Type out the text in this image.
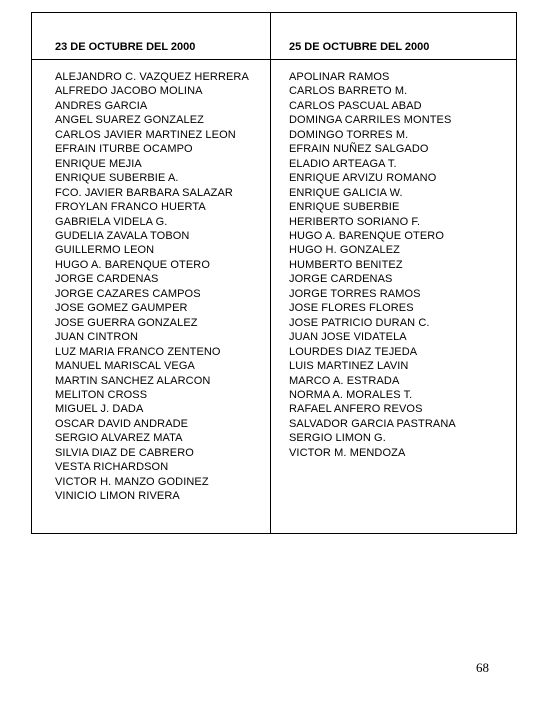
23 DE OCTUBRE DEL 2000
ALEJANDRO C. VAZQUEZ HERRERA
ALFREDO JACOBO MOLINA
ANDRES GARCIA
ANGEL SUAREZ GONZALEZ
CARLOS JAVIER MARTINEZ LEON
EFRAIN ITURBE OCAMPO
ENRIQUE MEJIA
ENRIQUE SUBERBIE A.
FCO. JAVIER BARBARA SALAZAR
FROYLAN FRANCO HUERTA
GABRIELA VIDELA G.
GUDELIA ZAVALA TOBON
GUILLERMO LEON
HUGO A. BARENQUE OTERO
JORGE CARDENAS
JORGE CAZARES CAMPOS
JOSE GOMEZ GAUMPER
JOSE GUERRA GONZALEZ
JUAN CINTRON
LUZ MARIA FRANCO ZENTENO
MANUEL MARISCAL VEGA
MARTIN SANCHEZ ALARCON
MELITON CROSS
MIGUEL J. DADA
OSCAR DAVID ANDRADE
SERGIO ALVAREZ MATA
SILVIA DIAZ DE CABRERO
VESTA RICHARDSON
VICTOR H. MANZO GODINEZ
VINICIO LIMON RIVERA
25 DE OCTUBRE DEL 2000
APOLINAR RAMOS
CARLOS BARRETO M.
CARLOS PASCUAL ABAD
DOMINGA CARRILES MONTES
DOMINGO TORRES M.
EFRAIN NUÑEZ SALGADO
ELADIO ARTEAGA T.
ENRIQUE ARVIZU ROMANO
ENRIQUE GALICIA W.
ENRIQUE SUBERBIE
HERIBERTO SORIANO F.
HUGO A. BARENQUE OTERO
HUGO H. GONZALEZ
HUMBERTO BENITEZ
JORGE CARDENAS
JORGE TORRES RAMOS
JOSE FLORES FLORES
JOSE PATRICIO DURAN C.
JUAN JOSE VIDATELA
LOURDES DIAZ TEJEDA
LUIS MARTINEZ LAVIN
MARCO A. ESTRADA
NORMA A. MORALES T.
RAFAEL ANFERO REVOS
SALVADOR GARCIA PASTRANA
SERGIO LIMON G.
VICTOR M. MENDOZA
68
